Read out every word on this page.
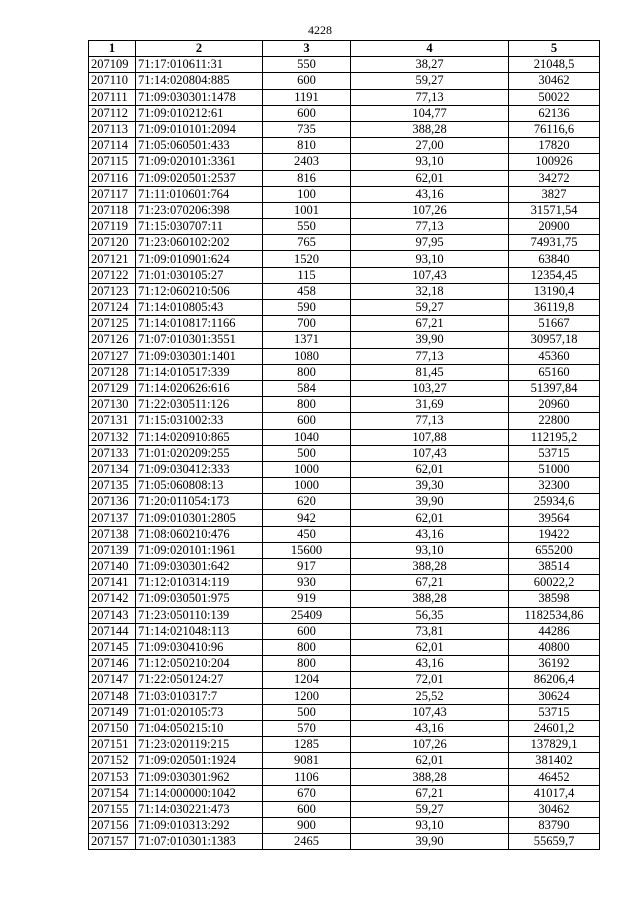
4228
1	2	3	4	5
207109	71:17:010611:31	550	38,27	21048,5
207110	71:14:020804:885	600	59,27	30462
207111	71:09:030301:1478	1191	77,13	50022
207112	71:09:010212:61	600	104,77	62136
207113	71:09:010101:2094	735	388,28	76116,6
207114	71:05:060501:433	810	27,00	17820
207115	71:09:020101:3361	2403	93,10	100926
207116	71:09:020501:2537	816	62,01	34272
207117	71:11:010601:764	100	43,16	3827
207118	71:23:070206:398	1001	107,26	31571,54
207119	71:15:030707:11	550	77,13	20900
207120	71:23:060102:202	765	97,95	74931,75
207121	71:09:010901:624	1520	93,10	63840
207122	71:01:030105:27	115	107,43	12354,45
207123	71:12:060210:506	458	32,18	13190,4
207124	71:14:010805:43	590	59,27	36119,8
207125	71:14:010817:1166	700	67,21	51667
207126	71:07:010301:3551	1371	39,90	30957,18
207127	71:09:030301:1401	1080	77,13	45360
207128	71:14:010517:339	800	81,45	65160
207129	71:14:020626:616	584	103,27	51397,84
207130	71:22:030511:126	800	31,69	20960
207131	71:15:031002:33	600	77,13	22800
207132	71:14:020910:865	1040	107,88	112195,2
207133	71:01:020209:255	500	107,43	53715
207134	71:09:030412:333	1000	62,01	51000
207135	71:05:060808:13	1000	39,30	32300
207136	71:20:011054:173	620	39,90	25934,6
207137	71:09:010301:2805	942	62,01	39564
207138	71:08:060210:476	450	43,16	19422
207139	71:09:020101:1961	15600	93,10	655200
207140	71:09:030301:642	917	388,28	38514
207141	71:12:010314:119	930	67,21	60022,2
207142	71:09:030501:975	919	388,28	38598
207143	71:23:050110:139	25409	56,35	1182534,86
207144	71:14:021048:113	600	73,81	44286
207145	71:09:030410:96	800	62,01	40800
207146	71:12:050210:204	800	43,16	36192
207147	71:22:050124:27	1204	72,01	86206,4
207148	71:03:010317:7	1200	25,52	30624
207149	71:01:020105:73	500	107,43	53715
207150	71:04:050215:10	570	43,16	24601,2
207151	71:23:020119:215	1285	107,26	137829,1
207152	71:09:020501:1924	9081	62,01	381402
207153	71:09:030301:962	1106	388,28	46452
207154	71:14:000000:1042	670	67,21	41017,4
207155	71:14:030221:473	600	59,27	30462
207156	71:09:010313:292	900	93,10	83790
207157	71:07:010301:1383	2465	39,90	55659,7
